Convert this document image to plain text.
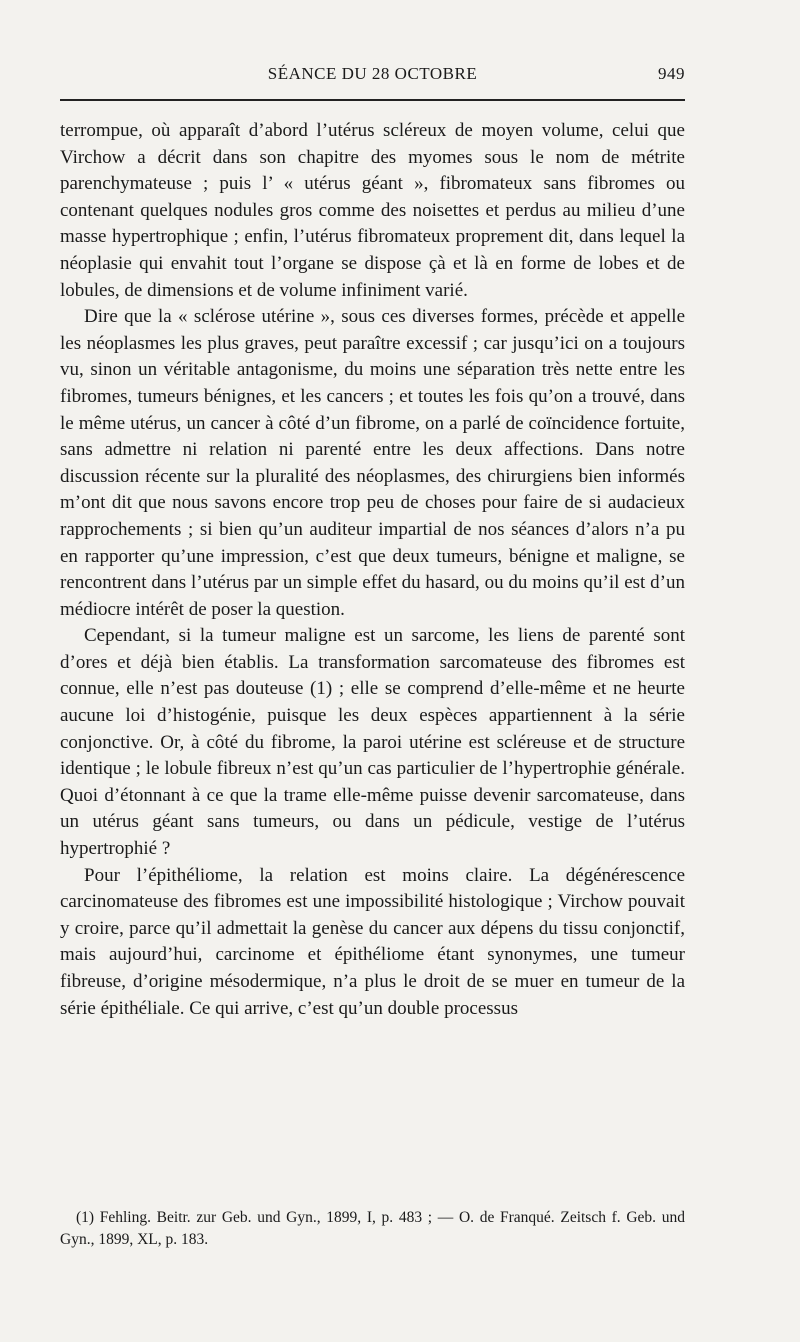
SÉANCE DU 28 OCTOBRE	949

terrompue, où apparaît d’abord l’utérus scléreux de moyen volume, celui que Virchow a décrit dans son chapitre des myomes sous le nom de métrite parenchymateuse ; puis l’ « utérus géant », fibromateux sans fibromes ou contenant quelques nodules gros comme des noisettes et perdus au milieu d’une masse hypertrophique ; enfin, l’utérus fibromateux proprement dit, dans lequel la néoplasie qui envahit tout l’organe se dispose çà et là en forme de lobes et de lobules, de dimensions et de volume infiniment varié.

Dire que la « sclérose utérine », sous ces diverses formes, précède et appelle les néoplasmes les plus graves, peut paraître excessif ; car jusqu’ici on a toujours vu, sinon un véritable antagonisme, du moins une séparation très nette entre les fibromes, tumeurs bénignes, et les cancers ; et toutes les fois qu’on a trouvé, dans le même utérus, un cancer à côté d’un fibrome, on a parlé de coïncidence fortuite, sans admettre ni relation ni parenté entre les deux affections. Dans notre discussion récente sur la pluralité des néoplasmes, des chirurgiens bien informés m’ont dit que nous savons encore trop peu de choses pour faire de si audacieux rapprochements ; si bien qu’un auditeur impartial de nos séances d’alors n’a pu en rapporter qu’une impression, c’est que deux tumeurs, bénigne et maligne, se rencontrent dans l’utérus par un simple effet du hasard, ou du moins qu’il est d’un médiocre intérêt de poser la question.

Cependant, si la tumeur maligne est un sarcome, les liens de parenté sont d’ores et déjà bien établis. La transformation sarcomateuse des fibromes est connue, elle n’est pas douteuse (1) ; elle se comprend d’elle-même et ne heurte aucune loi d’histogénie, puisque les deux espèces appartiennent à la série conjonctive. Or, à côté du fibrome, la paroi utérine est scléreuse et de structure identique ; le lobule fibreux n’est qu’un cas particulier de l’hypertrophie générale. Quoi d’étonnant à ce que la trame elle-même puisse devenir sarcomateuse, dans un utérus géant sans tumeurs, ou dans un pédicule, vestige de l’utérus hypertrophié ?

Pour l’épithéliome, la relation est moins claire. La dégénérescence carcinomateuse des fibromes est une impossibilité histologique ; Virchow pouvait y croire, parce qu’il admettait la genèse du cancer aux dépens du tissu conjonctif, mais aujourd’hui, carcinome et épithéliome étant synonymes, une tumeur fibreuse, d’origine mésodermique, n’a plus le droit de se muer en tumeur de la série épithéliale. Ce qui arrive, c’est qu’un double processus

(1) Fehling. Beitr. zur Geb. und Gyn., 1899, I, p. 483 ; — O. de Franqué. Zeitsch f. Geb. und Gyn., 1899, XL, p. 183.
